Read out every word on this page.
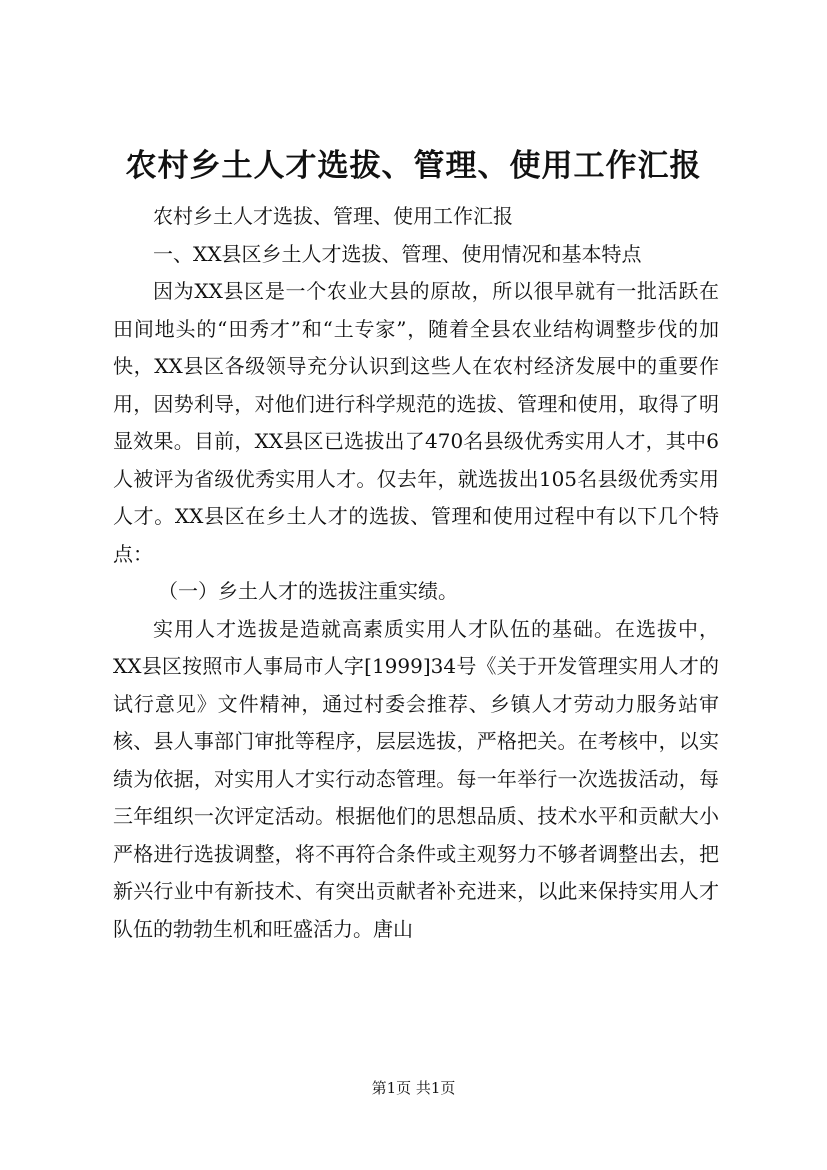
农村乡土人才选拔、管理、使用工作汇报

农村乡土人才选拔、管理、使用工作汇报

一、XX县区乡土人才选拔、管理、使用情况和基本特点

因为XX县区是一个农业大县的原故，所以很早就有一批活跃在田间地头的“田秀才”和“土专家”，随着全县农业结构调整步伐的加快，XX县区各级领导充分认识到这些人在农村经济发展中的重要作用，因势利导，对他们进行科学规范的选拔、管理和使用，取得了明显效果。目前，XX县区已选拔出了470名县级优秀实用人才，其中6人被评为省级优秀实用人才。仅去年，就选拔出105名县级优秀实用人才。XX县区在乡土人才的选拔、管理和使用过程中有以下几个特点：

（一）乡土人才的选拔注重实绩。

实用人才选拔是造就高素质实用人才队伍的基础。在选拔中，XX县区按照市人事局市人字[1999]34号《关于开发管理实用人才的试行意见》文件精神，通过村委会推荐、乡镇人才劳动力服务站审核、县人事部门审批等程序，层层选拔，严格把关。在考核中，以实绩为依据，对实用人才实行动态管理。每一年举行一次选拔活动，每三年组织一次评定活动。根据他们的思想品质、技术水平和贡献大小严格进行选拔调整，将不再符合条件或主观努力不够者调整出去，把新兴行业中有新技术、有突出贡献者补充进来，以此来保持实用人才队伍的勃勃生机和旺盛活力。唐山

第1页 共1页
